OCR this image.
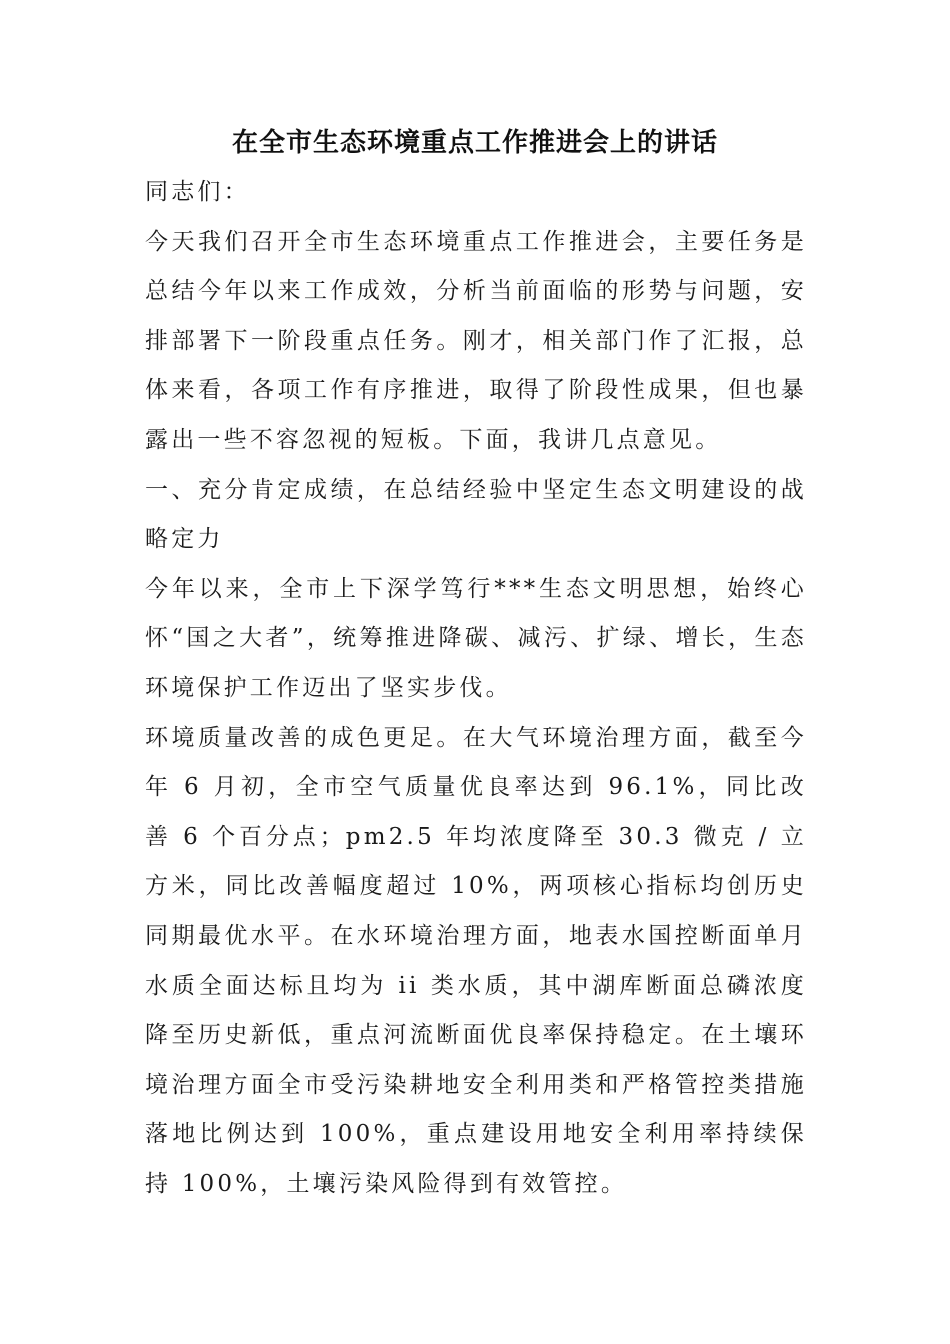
在全市生态环境重点工作推进会上的讲话

同志们：

今天我们召开全市生态环境重点工作推进会，主要任务是总结今年以来工作成效，分析当前面临的形势与问题，安排部署下一阶段重点任务。刚才，相关部门作了汇报，总体来看，各项工作有序推进，取得了阶段性成果，但也暴露出一些不容忽视的短板。下面，我讲几点意见。

一、充分肯定成绩，在总结经验中坚定生态文明建设的战略定力

今年以来，全市上下深学笃行***生态文明思想，始终心怀“国之大者”，统筹推进降碳、减污、扩绿、增长，生态环境保护工作迈出了坚实步伐。

环境质量改善的成色更足。在大气环境治理方面，截至今年 6 月初，全市空气质量优良率达到 96.1%，同比改善 6 个百分点；pm2.5 年均浓度降至 30.3 微克 / 立方米，同比改善幅度超过 10%，两项核心指标均创历史同期最优水平。在水环境治理方面，地表水国控断面单月水质全面达标且均为 ii 类水质，其中湖库断面总磷浓度降至历史新低，重点河流断面优良率保持稳定。在土壤环境治理方面全市受污染耕地安全利用类和严格管控类措施落地比例达到 100%，重点建设用地安全利用率持续保持 100%，土壤污染风险得到有效管控。
